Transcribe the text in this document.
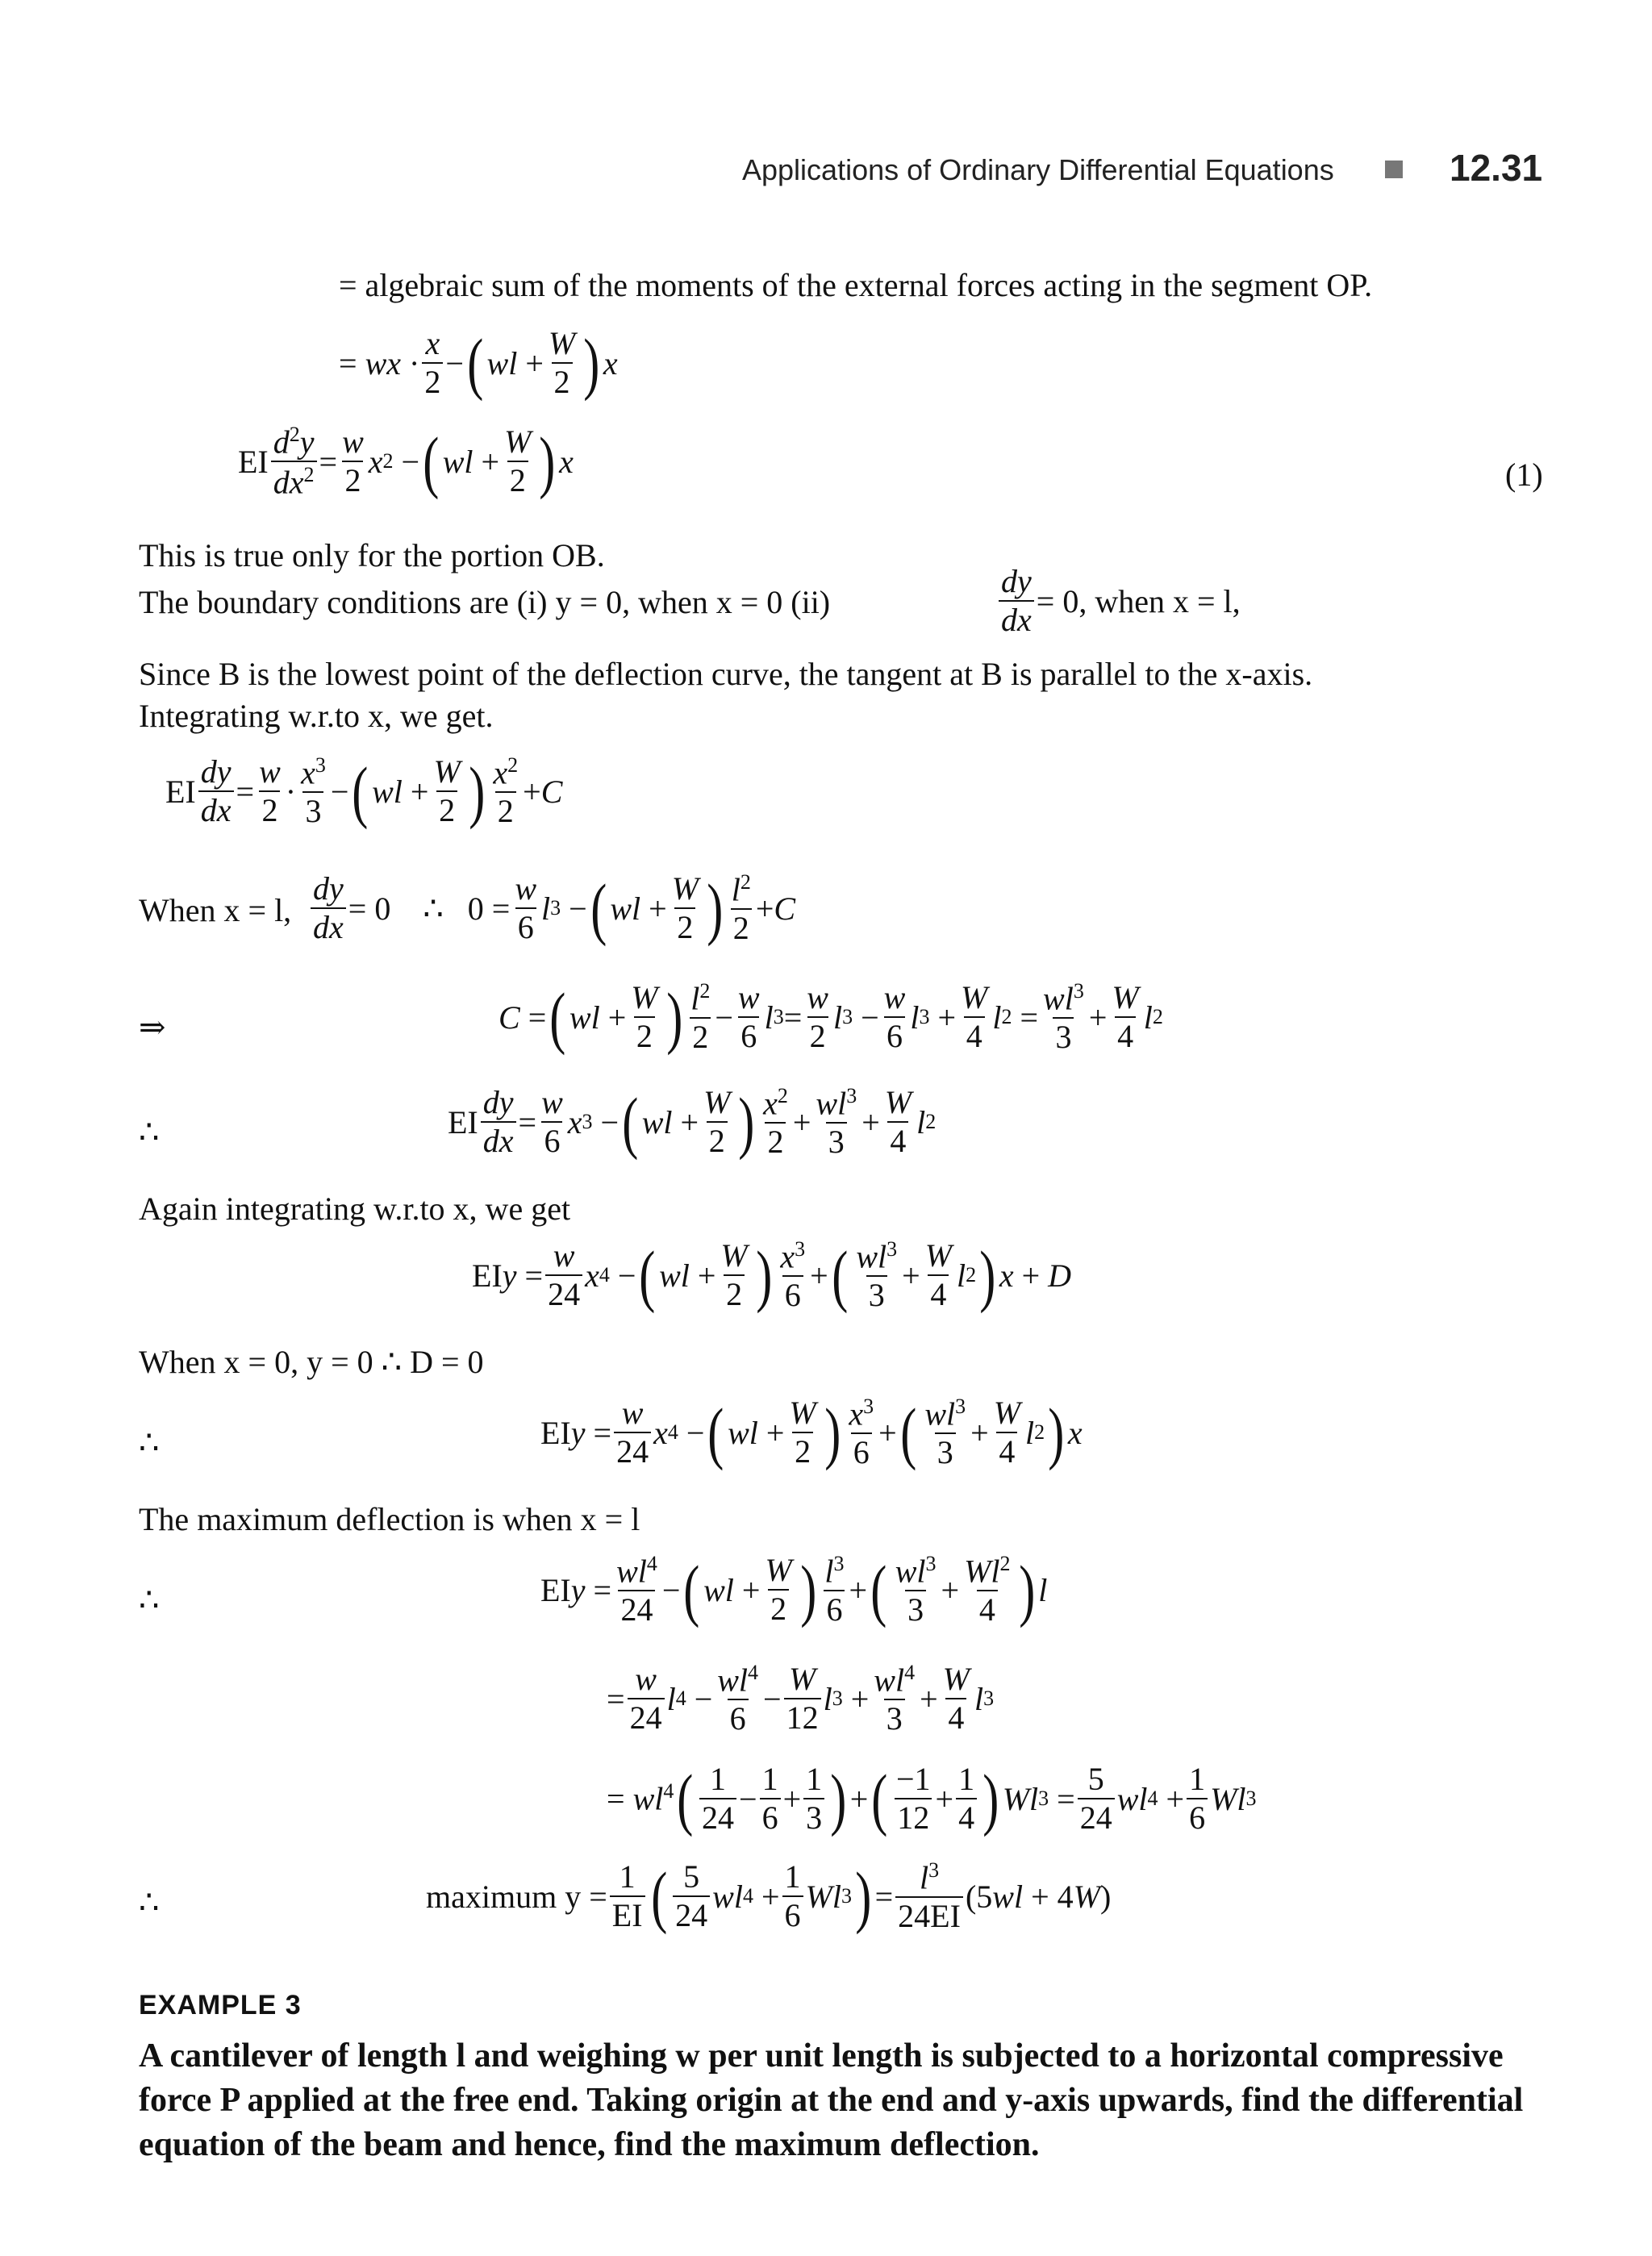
Applications of Ordinary Differential Equations	12.31
= algebraic sum of the moments of the external forces acting in the segment OP.
= wx · $\frac{x}{2}$ − ( wl + $\frac{W}{2}$ ) x
EI $\frac{d^2y}{dx^2} = \frac{w}{2}$ x 2 − ( wl + $\frac{W}{2}$ ) x	(1)
This is true only for the portion OB.
The boundary conditions are (i) y = 0, when x = 0 (ii)	$\frac{dy}{dx} = 0$, when x = l,
Since B is the lowest point of the deflection curve, the tangent at B is parallel to the x-axis.
Integrating w.r.to x, we get.
EI $\frac{dy}{dx} = \frac{w}{2} \cdot \frac{x^3}{3}$ − ( wl + $\frac{W}{2}$ ) $\frac{x^2}{2} +C$
When x = l, $\frac{dy}{dx} = 0$    ∴   $0 = \frac{w}{6}$ l 3 − ( wl + $\frac{W}{2}$ ) $\frac{l^2}{2} +C$
⇒	C = ( wl + $\frac{W}{2}$ ) $\frac{l^2}{2} - \frac{w}{6}$ l $3 = \frac{w}{2}$ l $3 - \frac{w}{6}$ l $3 + \frac{W}{4}$ l $2 = \frac{wl^3}{3} + \frac{W}{4}$ l 2
∴	EI $\frac{dy}{dx} = \frac{w}{6}$ x 3 − ( wl + $\frac{W}{2}$ ) $\frac{x^2}{2} + \frac{wl^3}{3} + \frac{W}{4}$ l 2
Again integrating w.r.to x, we get
EIy = $\frac{w}{24}$ x 4 − ( wl + $\frac{W}{2}$ ) $\frac{x^3}{6}$ + ( $\frac{wl^3}{3} + \frac{W}{4}$ l 2 ) x + D
When x = 0, y = 0 ∴ D = 0
∴	EIy = $\frac{w}{24}$ x 4 − ( wl + $\frac{W}{2}$ ) $\frac{x^3}{6}$ + ( $\frac{wl^3}{3} + \frac{W}{4}$ l 2 ) x
The maximum deflection is when x = l
∴	EIy = $\frac{wl^4}{24}$ − ( wl + $\frac{W}{2}$ ) $\frac{l^3}{6}$ + ( $\frac{wl^3}{3} + \frac{Wl^2}{4}$ ) l
= $\frac{w}{24}$ l $4 - \frac{wl^4}{6} - \frac{W}{12}$ l $3 + \frac{wl^4}{3} + \frac{W}{4}$ l 3
= $wl^4$ ( $\frac{1}{24} - \frac{1}{6} + \frac{1}{3}$ ) + ( $\frac{-1}{12} + \frac{1}{4}$ ) Wl $3 = \frac{5}{24}$ wl $4 + \frac{1}{6}$ Wl 3
∴	maximum $y = \frac{1}{EI}$ ( $\frac{5}{24}$ wl $4 + \frac{1}{6}$ Wl 3 ) = $\frac{l^3}{24EI} (5wl + 4W)$
EXAMPLE 3
A cantilever of length l and weighing w per unit length is subjected to a horizontal compressive
force P applied at the free end. Taking origin at the end and y-axis upwards, find the differential
equation of the beam and hence, find the maximum deflection.
